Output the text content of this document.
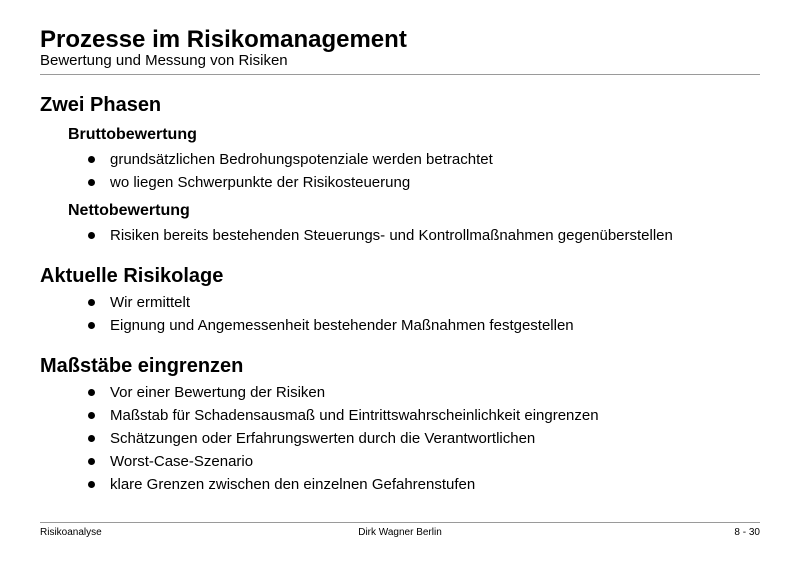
Prozesse im Risikomanagement
Bewertung und Messung von Risiken
Zwei Phasen
Bruttobewertung
grundsätzlichen Bedrohungspotenziale werden betrachtet
wo liegen Schwerpunkte der Risikosteuerung
Nettobewertung
Risiken bereits bestehenden Steuerungs- und Kontrollmaßnahmen gegenüberstellen
Aktuelle Risikolage
Wir ermittelt
Eignung und Angemessenheit bestehender Maßnahmen festgestellen
Maßstäbe eingrenzen
Vor einer Bewertung der Risiken
Maßstab für Schadensausmaß und Eintrittswahrscheinlichkeit eingrenzen
Schätzungen oder Erfahrungswerten durch die Verantwortlichen
Worst-Case-Szenario
klare Grenzen zwischen den einzelnen Gefahrenstufen
Risikoanalyse	Dirk Wagner Berlin	8 - 30
